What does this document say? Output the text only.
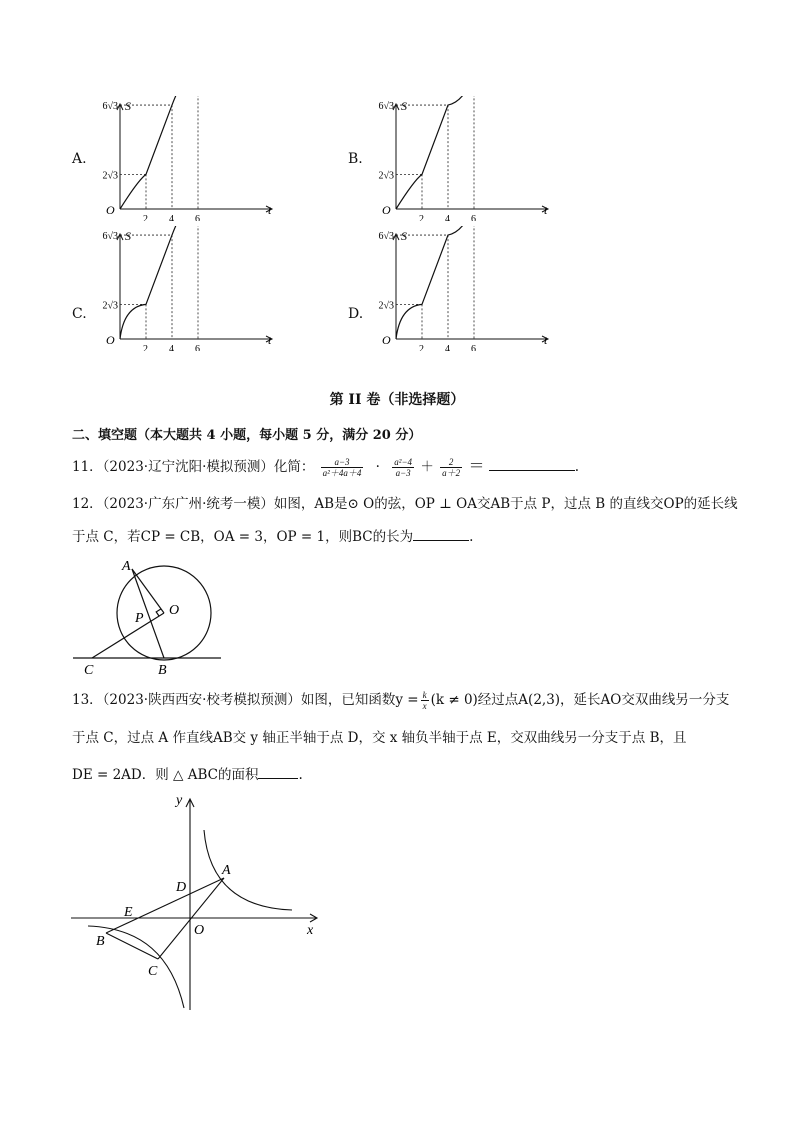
A.
O
S
t
2 4 6
2√3
6√3
B.
O
S
t
2 4 6
2√3
6√3
C.
O
S
t
2 4 6
2√3
6√3
D.
O
S
t
2 4 6
2√3
6√3
第 II 卷（非选择题）
二、填空题（本大题共 4 小题，每小题 5 分，满分 20 分）
11．（2023·辽宁沈阳·模拟预测）化简： $\frac{a-3}{\text{a²＋4a＋4}} \cdot \frac{\text{a²−4}}{a-3} + \frac{2}{a+2}$ ＝	.
12．（2023·广东广州·统考一模）如图，AB是⊙ O的弦，OP ⊥ OA交AB于点 P，过点 B 的直线交OP的延长线
于点 C，若CP = CB，OA = 3，OP = 1，则BC的长为	.
A
O
P
C	B
13．（2023·陕西西安·校考模拟预测）如图，已知函数$y = \frac{k}{x} (k \ne 0)$经过点A(2,3)，延长AO交双曲线另一分支
于点 C，过点 A 作直线AB交 y 轴正半轴于点 D，交 x 轴负半轴于点 E，交双曲线另一分支于点 B，且
DE = 2AD．则 △ ABC的面积	.
y
x
O
A
D
E
B
C
